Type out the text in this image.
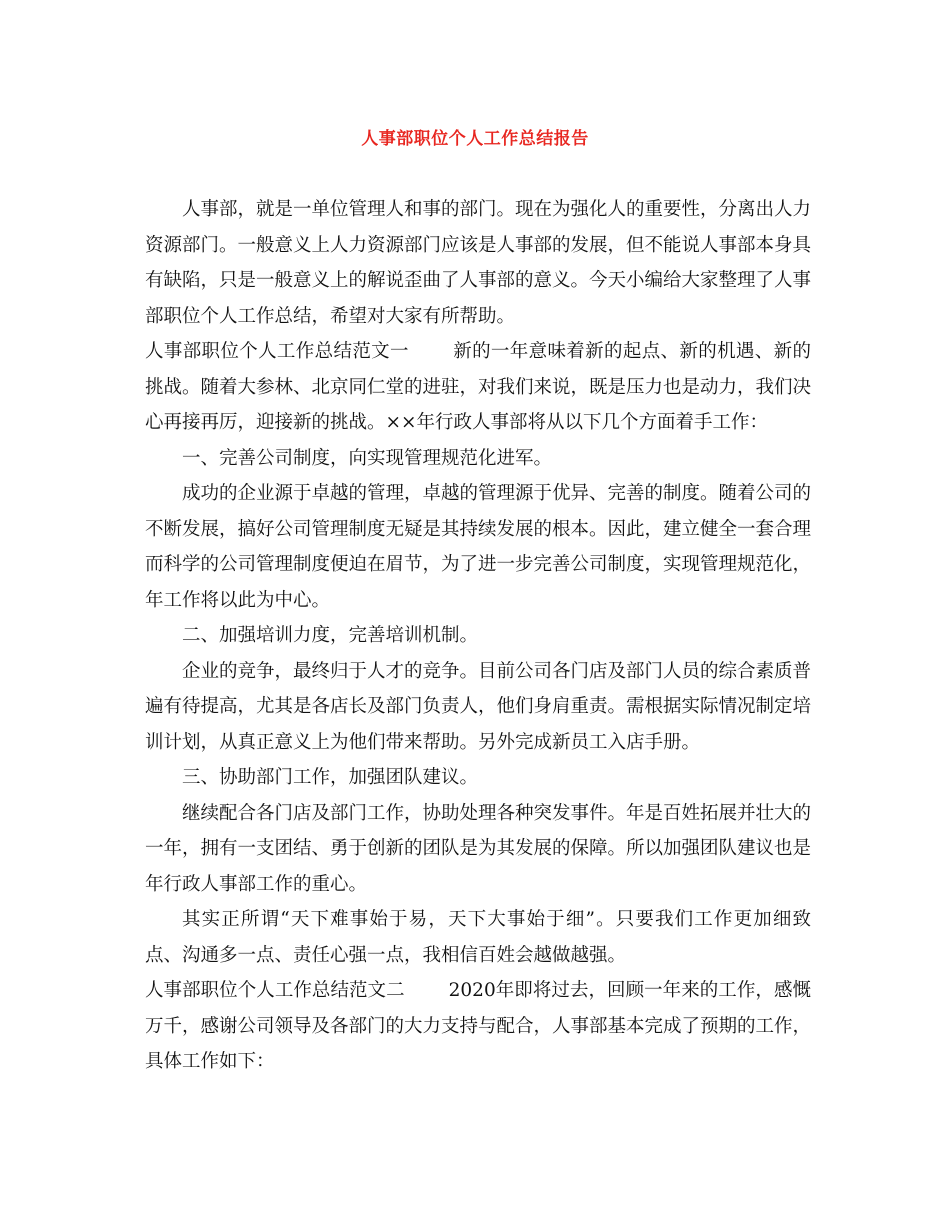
人事部职位个人工作总结报告

人事部，就是一单位管理人和事的部门。现在为强化人的重要性，分离出人力资源部门。一般意义上人力资源部门应该是人事部的发展，但不能说人事部本身具有缺陷，只是一般意义上的解说歪曲了人事部的意义。今天小编给大家整理了人事部职位个人工作总结，希望对大家有所帮助。

人事部职位个人工作总结范文一 新的一年意味着新的起点、新的机遇、新的挑战。随着大参林、北京同仁堂的进驻，对我们来说，既是压力也是动力，我们决心再接再厉，迎接新的挑战。××年行政人事部将从以下几个方面着手工作：

一、完善公司制度，向实现管理规范化进军。

成功的企业源于卓越的管理，卓越的管理源于优异、完善的制度。随着公司的不断发展，搞好公司管理制度无疑是其持续发展的根本。因此，建立健全一套合理而科学的公司管理制度便迫在眉节，为了进一步完善公司制度，实现管理规范化，年工作将以此为中心。

二、加强培训力度，完善培训机制。

企业的竞争，最终归于人才的竞争。目前公司各门店及部门人员的综合素质普遍有待提高，尤其是各店长及部门负责人，他们身肩重责。需根据实际情况制定培训计划，从真正意义上为他们带来帮助。另外完成新员工入店手册。

三、协助部门工作，加强团队建议。

继续配合各门店及部门工作，协助处理各种突发事件。年是百姓拓展并壮大的一年，拥有一支团结、勇于创新的团队是为其发展的保障。所以加强团队建议也是年行政人事部工作的重心。

其实正所谓“天下难事始于易，天下大事始于细”。只要我们工作更加细致点、沟通多一点、责任心强一点，我相信百姓会越做越强。

人事部职位个人工作总结范文二 2020年即将过去，回顾一年来的工作，感慨万千，感谢公司领导及各部门的大力支持与配合，人事部基本完成了预期的工作，具体工作如下：
